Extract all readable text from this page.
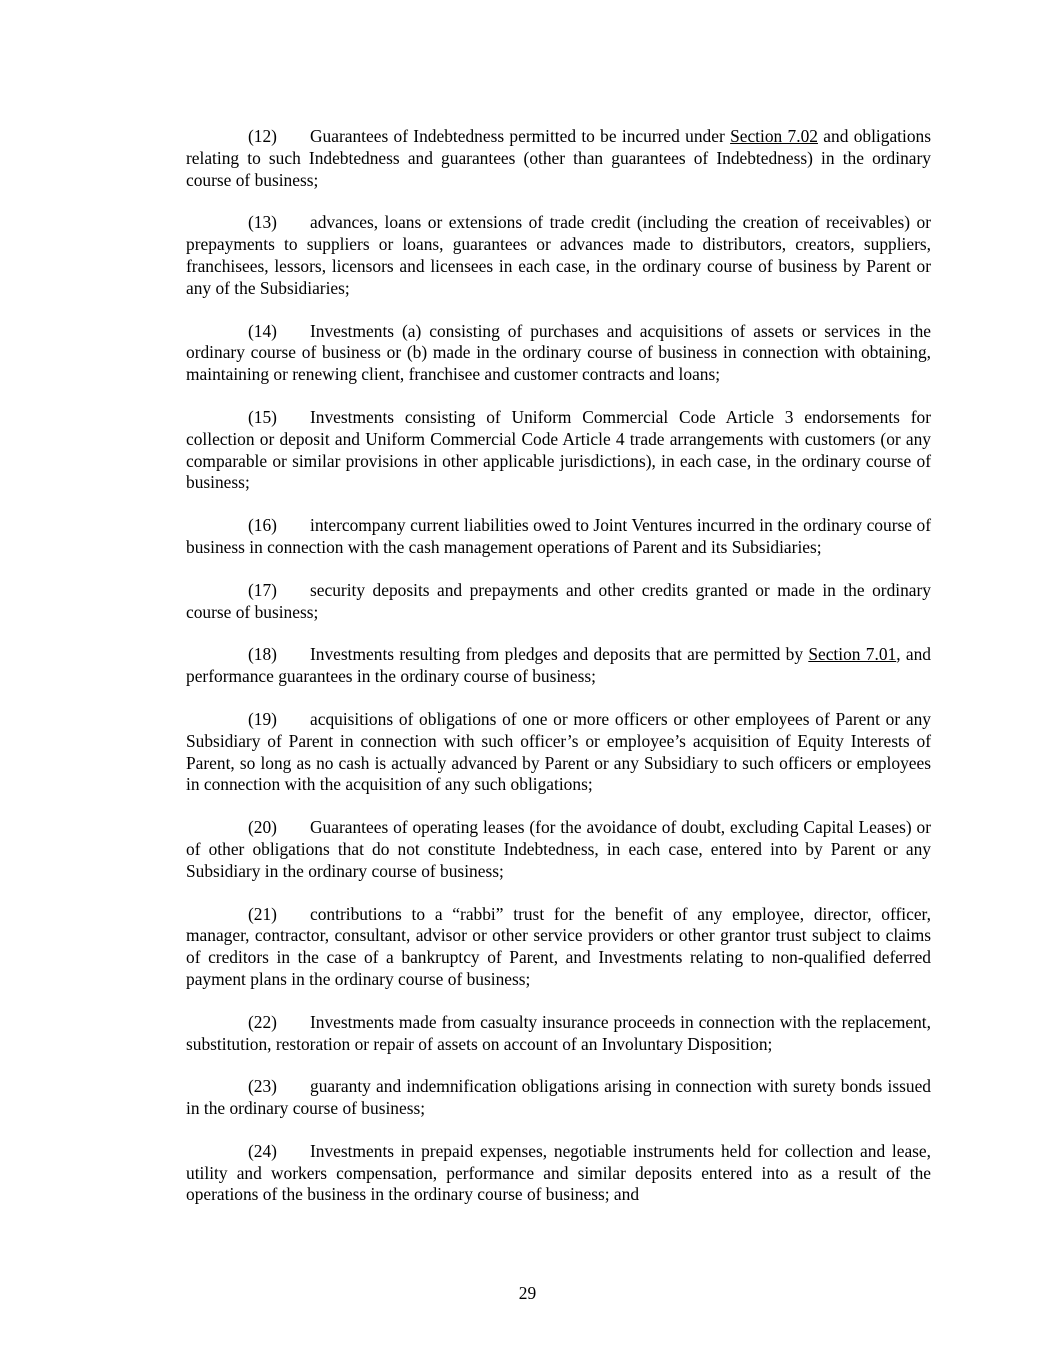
(12) Guarantees of Indebtedness permitted to be incurred under Section 7.02 and obligations relating to such Indebtedness and guarantees (other than guarantees of Indebtedness) in the ordinary course of business;

(13) advances, loans or extensions of trade credit (including the creation of receivables) or prepayments to suppliers or loans, guarantees or advances made to distributors, creators, suppliers, franchisees, lessors, licensors and licensees in each case, in the ordinary course of business by Parent or any of the Subsidiaries;

(14) Investments (a) consisting of purchases and acquisitions of assets or services in the ordinary course of business or (b) made in the ordinary course of business in connection with obtaining, maintaining or renewing client, franchisee and customer contracts and loans;

(15) Investments consisting of Uniform Commercial Code Article 3 endorsements for collection or deposit and Uniform Commercial Code Article 4 trade arrangements with customers (or any comparable or similar provisions in other applicable jurisdictions), in each case, in the ordinary course of business;

(16) intercompany current liabilities owed to Joint Ventures incurred in the ordinary course of business in connection with the cash management operations of Parent and its Subsidiaries;

(17) security deposits and prepayments and other credits granted or made in the ordinary course of business;

(18) Investments resulting from pledges and deposits that are permitted by Section 7.01, and performance guarantees in the ordinary course of business;

(19) acquisitions of obligations of one or more officers or other employees of Parent or any Subsidiary of Parent in connection with such officer’s or employee’s acquisition of Equity Interests of Parent, so long as no cash is actually advanced by Parent or any Subsidiary to such officers or employees in connection with the acquisition of any such obligations;

(20) Guarantees of operating leases (for the avoidance of doubt, excluding Capital Leases) or of other obligations that do not constitute Indebtedness, in each case, entered into by Parent or any Subsidiary in the ordinary course of business;

(21) contributions to a “rabbi” trust for the benefit of any employee, director, officer, manager, contractor, consultant, advisor or other service providers or other grantor trust subject to claims of creditors in the case of a bankruptcy of Parent, and Investments relating to non-qualified deferred payment plans in the ordinary course of business;

(22) Investments made from casualty insurance proceeds in connection with the replacement, substitution, restoration or repair of assets on account of an Involuntary Disposition;

(23) guaranty and indemnification obligations arising in connection with surety bonds issued in the ordinary course of business;

(24) Investments in prepaid expenses, negotiable instruments held for collection and lease, utility and workers compensation, performance and similar deposits entered into as a result of the operations of the business in the ordinary course of business; and

29
